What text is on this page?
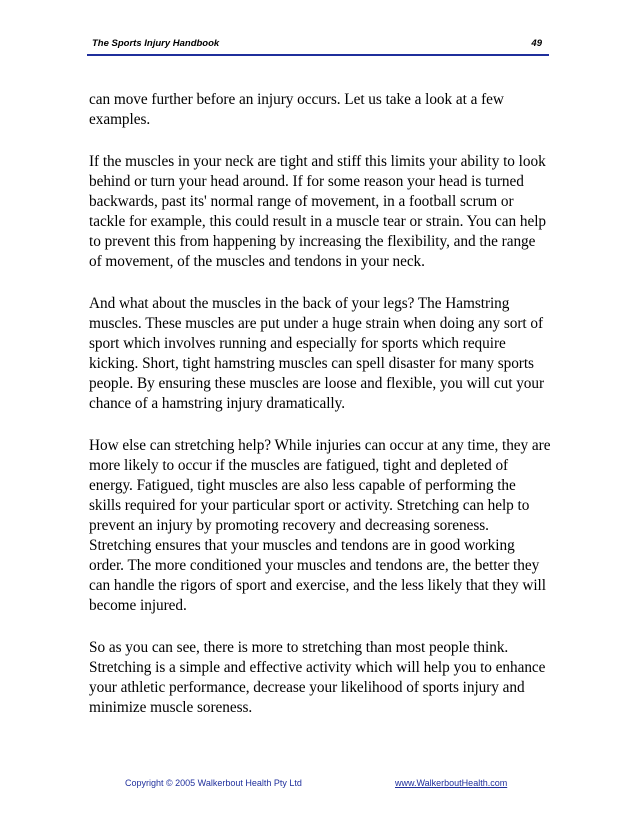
The Sports Injury Handbook	49

can move further before an injury occurs. Let us take a look at a few examples.

If the muscles in your neck are tight and stiff this limits your ability to look behind or turn your head around. If for some reason your head is turned backwards, past its' normal range of movement, in a football scrum or tackle for example, this could result in a muscle tear or strain. You can help to prevent this from happening by increasing the flexibility, and the range of movement, of the muscles and tendons in your neck.

And what about the muscles in the back of your legs? The Hamstring muscles. These muscles are put under a huge strain when doing any sort of sport which involves running and especially for sports which require kicking. Short, tight hamstring muscles can spell disaster for many sports people. By ensuring these muscles are loose and flexible, you will cut your chance of a hamstring injury dramatically.

How else can stretching help? While injuries can occur at any time, they are more likely to occur if the muscles are fatigued, tight and depleted of energy. Fatigued, tight muscles are also less capable of performing the skills required for your particular sport or activity. Stretching can help to prevent an injury by promoting recovery and decreasing soreness. Stretching ensures that your muscles and tendons are in good working order. The more conditioned your muscles and tendons are, the better they can handle the rigors of sport and exercise, and the less likely that they will become injured.

So as you can see, there is more to stretching than most people think. Stretching is a simple and effective activity which will help you to enhance your athletic performance, decrease your likelihood of sports injury and minimize muscle soreness.

Copyright © 2005 Walkerbout Health Pty Ltd	www.WalkerboutHealth.com
